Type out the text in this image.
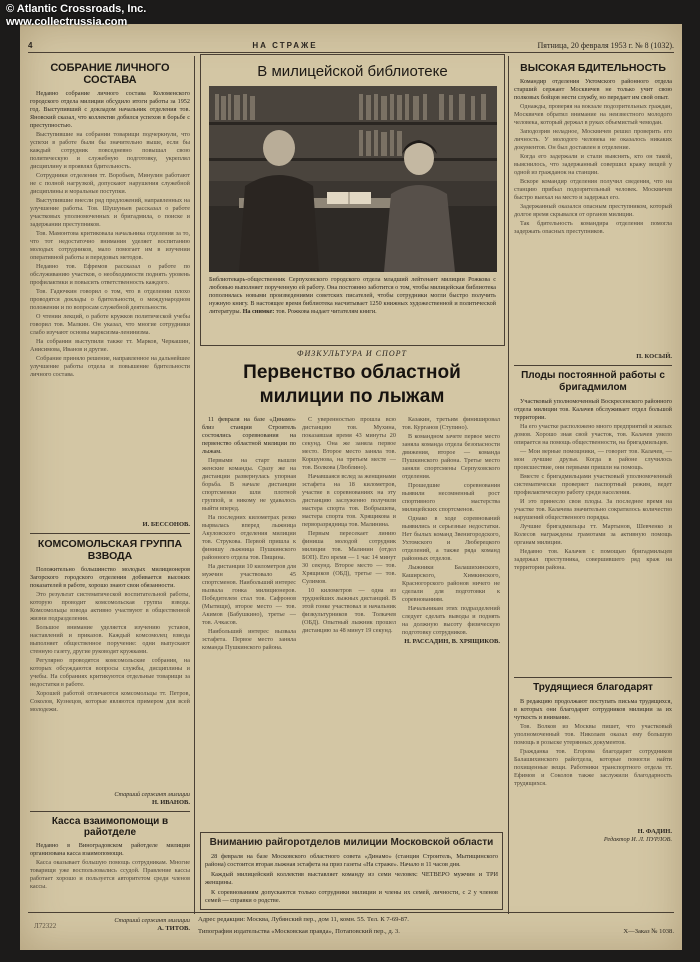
© Atlantic Crossroads, Inc.
www.collectrussia.com
4	НА СТРАЖЕ	Пятница, 20 февраля 1953 г. № 8 (1032).
СОБРАНИЕ ЛИЧНОГО СОСТАВА

Недавно собрание личного состава Коломенского городского отдела милиции обсудило итоги работы за 1952 год. Выступивший с докладом начальник отделения тов. Яновский сказал, что коллектив добился успехов в борьбе с преступностью.

Выступившие на собрании товарищи подчеркнули, что успехи в работе были бы значительно выше, если бы каждый сотрудник повседневно повышал свою политическую и служебную подготовку, укреплял дисциплину и проявлял бдительность.

Сотрудники отделения тт. Воробьев, Минулин работают не с полной нагрузкой, допускают нарушения служебной дисциплины и моральные поступки.

Выступившие внесли ряд предложений, направленных на улучшение работы. Тов. Шушуньев рассказал о работе участковых уполномоченных и бригадмила, о поиске и задержании преступников.

Тов. Мамонтова критиковала начальника отделения за то, что тот недостаточно внимания уделяет воспитанию молодых сотрудников, мало помогает им в изучении оперативной работы и передовых методов.

Недавно тов. Ефремов рассказал о работе по обслуживанию участков, о необходимости поднять уровень профилактики и повысить ответственность каждого.

Тов. Гадючкин говорил о том, что в отделении плохо проводятся доклады о бдительности, о международном положении и по вопросам служебной деятельности.

О чтении лекций, о работе кружков политической учебы говорил тов. Малкин. Он указал, что многие сотрудники слабо изучают основы марксизма-ленинизма.

На собрании выступили также тт. Марков, Черкашин, Анисимова, Иванов и другие.

Собрание приняло решение, направленное на дальнейшее улучшение работы отдела и повышение бдительности личного состава.

И. БЕССОНОВ.
КОМСОМОЛЬСКАЯ ГРУППА ВЗВОДА

Положительно большинство молодых милиционеров Загорского городского отделения добивается высоких показателей в работе, хорошо знают свои обязанности.

Это результат систематической воспитательной работы, которую проводит комсомольская группа взвода. Комсомольцы взвода активно участвуют в общественной жизни подразделения.

Большое внимание уделяется изучению уставов, наставлений и приказов. Каждый комсомолец взвода выполняет общественное поручение: одни выпускают стенную газету, другие руководят кружками.

Регулярно проводятся комсомольские собрания, на которых обсуждаются вопросы службы, дисциплины и учебы. На собраниях критикуются отдельные товарищи за недостатки в работе.

Хорошей работой отличаются комсомольцы тт. Петров, Соколов, Кузнецов, которые являются примером для всей молодежи.

Старший сержант милиции
Н. ИВАНОВ.
Касса взаимопомощи в райотделе

Недавно в Виноградовском райотделе милиции организована касса взаимопомощи.

Касса оказывает большую помощь сотрудникам. Многие товарищи уже воспользовались ссудой. Правление кассы работает хорошо и пользуется авторитетом среди членов кассы.

Старший сержант милиции
А. ТИТОВ.
В милицейской библиотеке
Библиотекарь-общественник Серпуховского городского отдела младший лейтенант милиции Рожкова с любовью выполняет порученную ей работу. Она постоянно заботится о том, чтобы милицейская библиотека пополнялась новыми произведениями советских писателей, чтобы сотрудники могли быстро получить нужную книгу. В настоящее время библиотека насчитывает 1250 книжных художественной и политической литературы. На снимке: тов. Рожкова выдает читателям книги.
ФИЗКУЛЬТУРА И СПОРТ
Первенство областной милиции по лыжам

11 февраля на базе «Динамо» близ станции Строитель состоялись соревнования на первенство областной милиции по лыжам.

Первыми на старт вышли женские команды. Сразу же на дистанции развернулась упорная борьба. В начале дистанции спортсменки шли плотной группой, и никому не удавалось выйти вперед.

На последних километрах резко вырвалась вперед лыжница Акуловского отделения милиции тов. Струкова. Первой пришла к финишу лыжница Пушкинского районного отдела тов. Пищина.

На дистанции 10 километров для мужчин участвовало 45 спортсменов. Наибольший интерес вызвала гонка милиционеров. Победителем стал тов. Сафронов (Мытищи), второе место — тов. Акимов (Бабушкино), третье — тов. Ачкасов.

Наибольший интерес вызвала эстафета. Первое место заняла команда Пушкинского района.

С уверенностью прошла всю дистанцию тов. Мухина, показавшая время 43 минуты 20 секунд. Она же заняла первое место. Второе место заняла тов. Коршунова, на третьем месте — тов. Волкова (Люблино).

Начавшаяся вслед за женщинами эстафета на 18 километров, участие в соревнованиях на эту дистанцию заслуженно получили мастера спорта тов. Вобрышева, мастера спорта тов. Хрящикова и перворазрядница тов. Малинина.

Первым пересекает линию финиша молодой сотрудник милиции тов. Малинин (отдел БОП). Его время — 1 час 14 минут 30 секунд. Второе место — тов. Хрящиков (ОБД), третье — тов. Сулимов.

10 километров — одна из труднейших лыжных дистанций. В этой гонке участвовал и начальник физкультурников тов. Толкачев (ОБД). Опытный лыжник прошел дистанцию за 48 минут 19 секунд.

Казакин, третьим финишировал тов. Курганов (Ступино).

В командном зачете первое место заняла команда отдела безопасности движения, второе — команда Пушкинского района. Третье место заняли спортсмены Серпуховского отделения.

Прошедшие соревнования выявили несомненный рост спортивного мастерства милицейских спортсменов.

Однако в ходе соревнований выявились и серьезные недостатки. Нет былых команд Звенигородского, Ухтомского и Люберецкого отделений, а также ряда команд районных отделов.

Лыжники Балашихинского, Каширского, Химкинского, Красногорского районов ничего не сделали для подготовки к соревнованиям.

Начальникам этих подразделений следует сделать выводы и поднять на должную высоту физическую подготовку сотрудников.

Н. РАССАДИН, В. ХРЯЩИКОВ.
Вниманию райгоротделов милиции Московской области

28 февраля на базе Московского областного совета «Динамо» (станция Строитель, Мытищинского района) состоится вторая лыжная эстафета на приз газеты «На страже». Начало в 11 часов дня.

Каждый милицейский коллектив выставляет команду из семи человек: ЧЕТВЕРО мужчин и ТРИ женщины.

К соревнованиям допускаются только сотрудники милиции и члены их семей, личности, с 2 у членов семей — справки о родстве.

ВЫСОКАЯ БДИТЕЛЬНОСТЬ

Командир отделения Уктомского районного отдела старший сержант Москвичев не только учит свою полковых бойцов нести службу, но передает им свой опыт.

Однажды, проверяя на вокзале подозрительных граждан, Москвичев обратил внимание на неизвестного молодого человека, который держал в руках объемистый чемодан.

Заподозрив неладное, Москвичев решил проверить его личность. У молодого человека не оказалось никаких документов. Он был доставлен в отделение.

Когда его задержали и стали выяснять, кто он такой, выяснилось, что задержанный совершил кражу вещей у одной из гражданок на станции.

Вскоре командир отделения получил сведения, что на станцию прибыл подозрительный человек. Москвичев быстро выехал на место и задержал его.

Задержанный оказался опасным преступником, который долгое время скрывался от органов милиции.

Так бдительность командира отделения помогла задержать опасных преступников.

П. КОСЫЙ.
Плоды постоянной работы с бригадмилом

Участковый уполномоченный Воскресенского районного отдела милиции тов. Калачев обслуживает отдел большой территории.

На его участке расположено много предприятий и жилых домов. Хорошо зная свой участок, тов. Калачев умело опирается на помощь общественности, на бригадмильцев.

— Мои верные помощники, — говорит тов. Калачев, — мои лучшие друзья. Когда в районе случилось происшествие, они первыми пришли на помощь.

Вместе с бригадмильцами участковый уполномоченный систематически проверяет паспортный режим, ведет профилактическую работу среди населения.

И это принесло свои плоды. За последнее время на участке тов. Калачева значительно сократилось количество нарушений общественного порядка.

Лучшие бригадмильцы тт. Мартынов, Шевченко и Колесов награждены грамотами за активную помощь органам милиции.

Недавно тов. Калачев с помощью бригадмильцев задержал преступника, совершившего ряд краж на территории района.

Трудящиеся благодарят

В редакцию продолжают поступать письма трудящихся, в которых они благодарят сотрудников милиции за их чуткость и внимание.

Тов. Волков из Москвы пишет, что участковый уполномоченный тов. Николаев оказал ему большую помощь в розыске утерянных документов.

Гражданка тов. Егорова благодарит сотрудников Балашихинского райотдела, которые помогли найти похищенные вещи. Работники транспортного отдела тт. Ефимов и Соколов также заслужили благодарность трудящихся.

Н. ФАДИН.
Редактор И. Л. ПУРЛОВ.
Адрес редакции: Москва, Лубянский пер., дом 11, комн. 55. Тел. К 7-69-87.
Типография издательства «Московская правда», Потаповский пер., д. 3.	Х—Заказ № 1038.
Л72322
